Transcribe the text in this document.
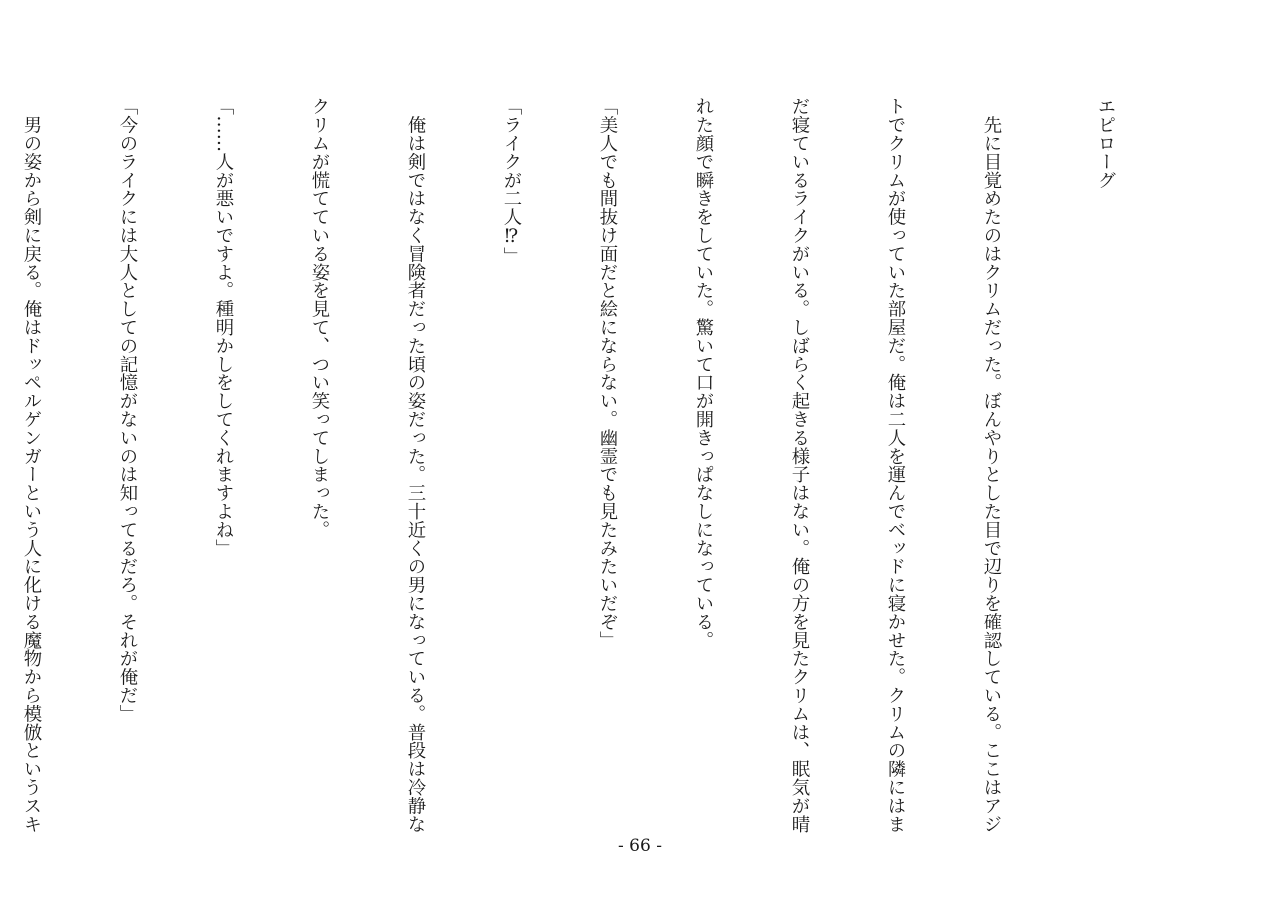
エピローグ

　先に目覚めたのはクリムだった。ぼんやりとした目で辺りを確認している。ここはアジ

トでクリムが使っていた部屋だ。俺は二人を運んでベッドに寝かせた。クリムの隣にはま

だ寝ているライクがいる。しばらく起きる様子はない。俺の方を見たクリムは、眠気が晴

れた顔で瞬きをしていた。驚いて口が開きっぱなしになっている。

「美人でも間抜け面だと絵にならない。幽霊でも見たみたいだぞ」

「ライクが二人⁉」

　俺は剣ではなく冒険者だった頃の姿だった。三十近くの男になっている。普段は冷静な

クリムが慌てている姿を見て、つい笑ってしまった。

「……人が悪いですよ。種明かしをしてくれますよね」

「今のライクには大人としての記憶がないのは知ってるだろ。それが俺だ」

　男の姿から剣に戻る。俺はドッペルゲンガーという人に化ける魔物から模倣というスキ

- 66 -
